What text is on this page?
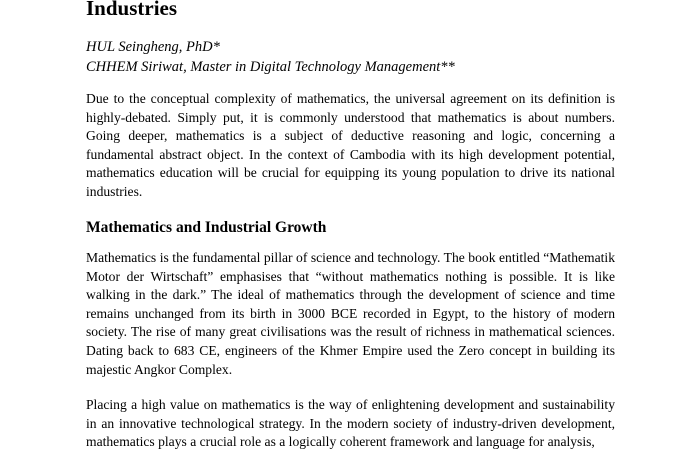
Industries
HUL Seingheng, PhD*
CHHEM Siriwat, Master in Digital Technology Management**

Due to the conceptual complexity of mathematics, the universal agreement on its definition is highly-debated. Simply put, it is commonly understood that mathematics is about numbers. Going deeper, mathematics is a subject of deductive reasoning and logic, concerning a fundamental abstract object. In the context of Cambodia with its high development potential, mathematics education will be crucial for equipping its young population to drive its national industries.

Mathematics and Industrial Growth

Mathematics is the fundamental pillar of science and technology. The book entitled “Mathematik Motor der Wirtschaft” emphasises that “without mathematics nothing is possible. It is like walking in the dark.” The ideal of mathematics through the development of science and time remains unchanged from its birth in 3000 BCE recorded in Egypt, to the history of modern society. The rise of many great civilisations was the result of richness in mathematical sciences. Dating back to 683 CE, engineers of the Khmer Empire used the Zero concept in building its majestic Angkor Complex.

Placing a high value on mathematics is the way of enlightening development and sustainability in an innovative technological strategy. In the modern society of industry-driven development, mathematics plays a crucial role as a logically coherent framework and language for analysis,
